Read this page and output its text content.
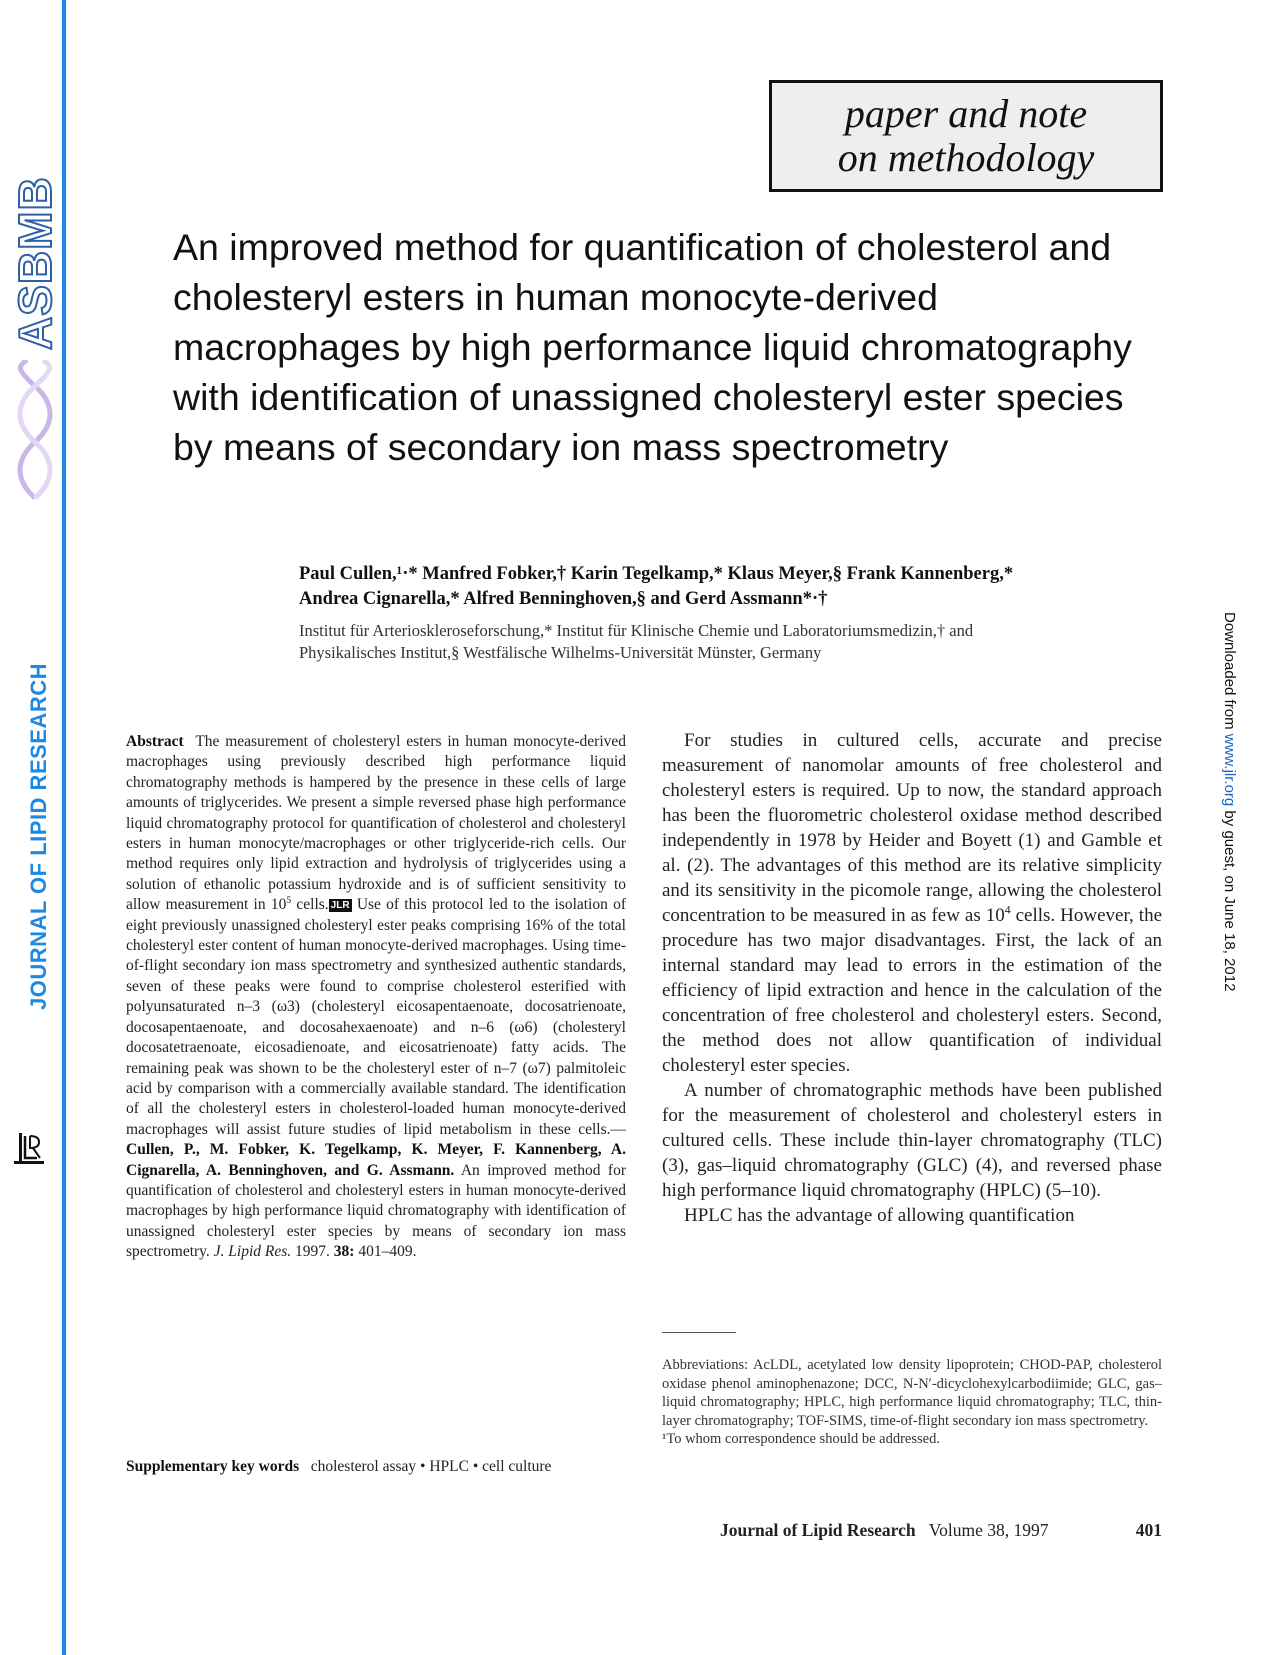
ASBMB
JOURNAL OF LIPID RESEARCH	Downloaded from www.jlr.org by guest, on June 18, 2012
paper and note
on methodology
An improved method for quantification of cholesterol and cholesteryl esters in human monocyte-derived macrophages by high performance liquid chromatography with identification of unassigned cholesteryl ester species by means of secondary ion mass spectrometry
Paul Cullen,¹·* Manfred Fobker,† Karin Tegelkamp,* Klaus Meyer,§ Frank Kannenberg,*
Andrea Cignarella,* Alfred Benninghoven,§ and Gerd Assmann*·†
Institut für Arterioskleroseforschung,* Institut für Klinische Chemie und Laboratoriumsmedizin,† and
Physikalisches Institut,§ Westfälische Wilhelms-Universität Münster, Germany
Abstract The measurement of cholesteryl esters in human monocyte-derived macrophages using previously described high performance liquid chromatography methods is hampered by the presence in these cells of large amounts of triglycerides. We present a simple reversed phase high performance liquid chromatography protocol for quantification of cholesterol and cholesteryl esters in human monocyte/macrophages or other triglyceride-rich cells. Our method requires only lipid extraction and hydrolysis of triglycerides using a solution of ethanolic potassium hydroxide and is of sufficient sensitivity to allow measurement in $10^5$ cells. JLR Use of this protocol led to the isolation of eight previously unassigned cholesteryl ester peaks comprising 16% of the total cholesteryl ester content of human monocyte-derived macrophages. Using time-of-flight secondary ion mass spectrometry and synthesized authentic standards, seven of these peaks were found to comprise cholesterol esterified with polyunsaturated n–3 (ω3) (cholesteryl eicosapentaenoate, docosatrienoate, docosapentaenoate, and docosahexaenoate) and n–6 (ω6) (cholesteryl docosatetraenoate, eicosadienoate, and eicosatrienoate) fatty acids. The remaining peak was shown to be the cholesteryl ester of n–7 (ω7) palmitoleic acid by comparison with a commercially available standard. The identification of all the cholesteryl esters in cholesterol-loaded human monocyte-derived macrophages will assist future studies of lipid metabolism in these cells.—Cullen, P., M. Fobker, K. Tegelkamp, K. Meyer, F. Kannenberg, A. Cignarella, A. Benninghoven, and G. Assmann. An improved method for quantification of cholesterol and cholesteryl esters in human monocyte-derived macrophages by high performance liquid chromatography with identification of unassigned cholesteryl ester species by means of secondary ion mass spectrometry. J. Lipid Res. 1997. 38: 401–409.
Supplementary key words cholesterol assay • HPLC • cell culture

For studies in cultured cells, accurate and precise measurement of nanomolar amounts of free cholesterol and cholesteryl esters is required. Up to now, the standard approach has been the fluorometric cholesterol oxidase method described independently in 1978 by Heider and Boyett (1) and Gamble et al. (2). The advantages of this method are its relative simplicity and its sensitivity in the picomole range, allowing the cholesterol concentration to be measured in as few as $10^4$ cells. However, the procedure has two major disadvantages. First, the lack of an internal standard may lead to errors in the estimation of the efficiency of lipid extraction and hence in the calculation of the concentration of free cholesterol and cholesteryl esters. Second, the method does not allow quantification of individual cholesteryl ester species.

A number of chromatographic methods have been published for the measurement of cholesterol and cholesteryl esters in cultured cells. These include thin-layer chromatography (TLC) (3), gas–liquid chromatography (GLC) (4), and reversed phase high performance liquid chromatography (HPLC) (5–10).

HPLC has the advantage of allowing quantification

Abbreviations: AcLDL, acetylated low density lipoprotein; CHOD-PAP, cholesterol oxidase phenol aminophenazone; DCC, N-N′-dicyclohexylcarbodiimide; GLC, gas–liquid chromatography; HPLC, high performance liquid chromatography; TLC, thin-layer chromatography; TOF-SIMS, time-of-flight secondary ion mass spectrometry.

¹To whom correspondence should be addressed.

Journal of Lipid Research Volume 38, 1997	401
